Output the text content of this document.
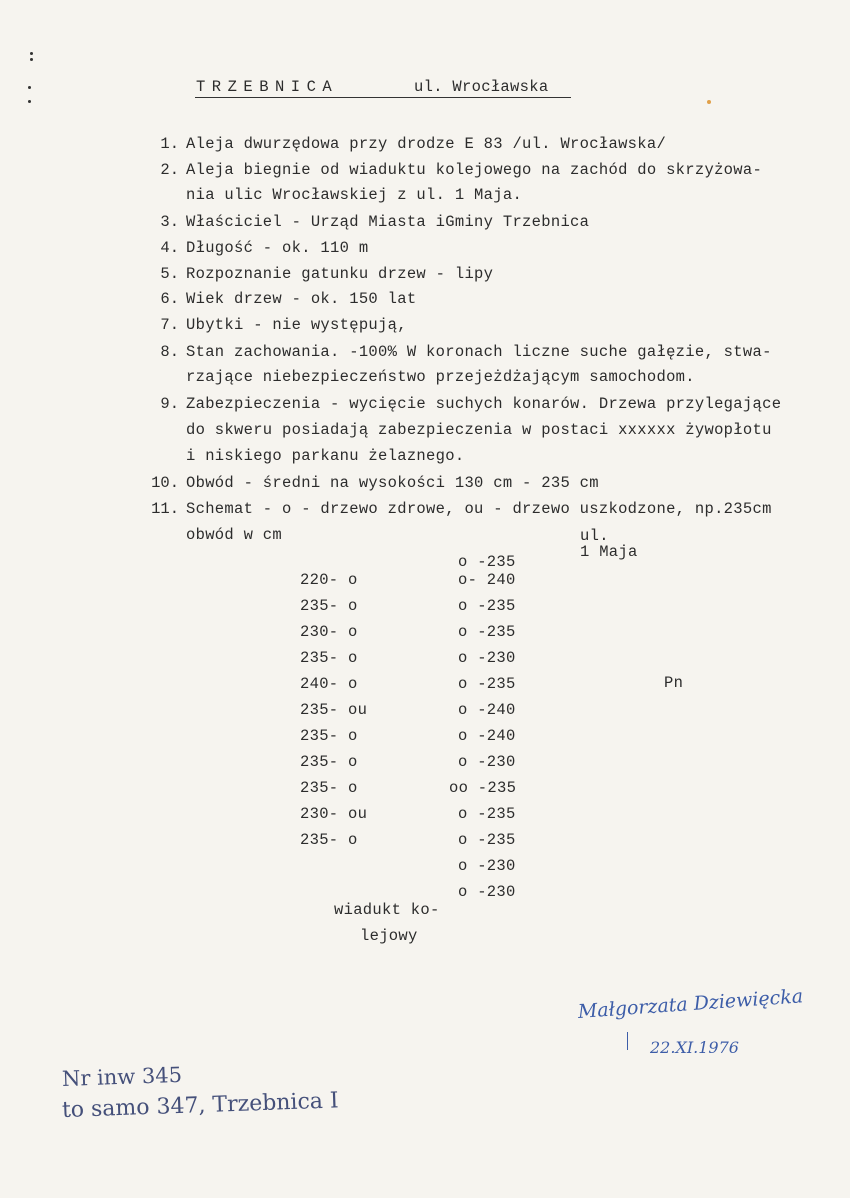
TRZEBNICA	ul. Wrocławska
1. Aleja dwurzędowa przy drodze E 83 /ul. Wrocławska/
2. Aleja biegnie od wiaduktu kolejowego na zachód do skrzyżowa-
nia ulic Wrocławskiej z ul. 1 Maja.
3. Właściciel - Urząd Miasta iGminy Trzebnica
4. Długość - ok. 110 m
5. Rozpoznanie gatunku drzew - lipy
6. Wiek drzew - ok. 150 lat
7. Ubytki - nie występują,
8. Stan zachowania. -100% W koronach liczne suche gałęzie, stwa-
rzające niebezpieczeństwo przejeżdżającym samochodom.
9. Zabezpieczenia - wycięcie suchych konarów. Drzewa przylegające
do skweru posiadają zabezpieczenia w postaci xxxxxx żywopłotu
i niskiego parkanu żelaznego.
10. Obwód - średni na wysokości 130 cm - 235 cm
11. Schemat - o - drzewo zdrowe, ou - drzewo uszkodzone, np.235cm
obwód w cm	ul.
1 Maja
Pn
220- o
235- o
230- o
235- o
240- o
235- ou
235- o
235- o
235- o
230- ou
235- o
o -235
o- 240
o -235
o -235
o -230
o -235
o -240
o -240
o -230
oo -235
o -235
o -235
o -230
o -230
wiadukt ko-
lejowy
Małgorzata Dziewięcka
22.XI.1976
Nr inw 345
to samo 347, Trzebnica I
